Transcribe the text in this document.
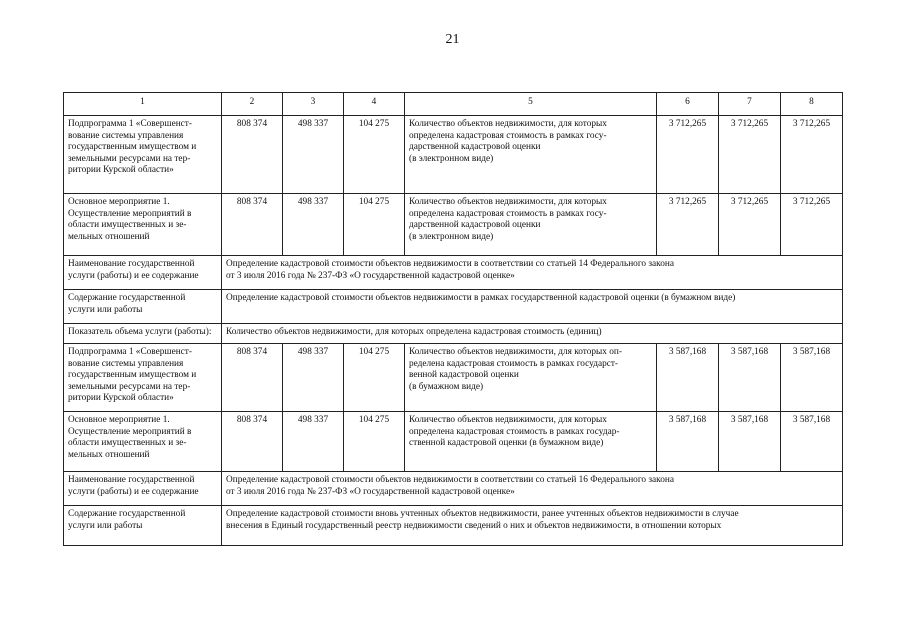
21
1	2	3	4	5	6	7	8

Подпрограмма 1 «Совершенст-
вование системы управления
государственным имуществом и
земельными ресурсами на тер-
ритории Курской области»	808 374	498 337	104 275	Количество объектов недвижимости, для которых
определена кадастровая стоимость в рамках госу-
дарственной кадастровой оценки
(в электронном виде)	3 712,265	3 712,265	3 712,265

Основное мероприятие 1.
Осуществление мероприятий в
области имущественных и зе-
мельных отношений	808 374	498 337	104 275	Количество объектов недвижимости, для которых
определена кадастровая стоимость в рамках госу-
дарственной кадастровой оценки
(в электронном виде)	3 712,265	3 712,265	3 712,265

Наименование государственной
услуги (работы) и ее содержание	Определение кадастровой стоимости объектов недвижимости в соответствии со статьей 14 Федерального закона
от 3 июля 2016 года № 237-ФЗ «О государственной кадастровой оценке»						

Содержание государственной
услуги или работы	Определение кадастровой стоимости объектов недвижимости в рамках государственной кадастровой оценки (в бумажном виде)						

Показатель объема услуги (работы):	Количество объектов недвижимости, для которых определена кадастровая стоимость (единиц)						

Подпрограмма 1 «Совершенст-
вование системы управления
государственным имуществом и
земельными ресурсами на тер-
ритории Курской области»	808 374	498 337	104 275	Количество объектов недвижимости, для которых оп-
ределена кадастровая стоимость в рамках государст-
венной кадастровой оценки
(в бумажном виде)	3 587,168	3 587,168	3 587,168

Основное мероприятие 1.
Осуществление мероприятий в
области имущественных и зе-
мельных отношений	808 374	498 337	104 275	Количество объектов недвижимости, для которых
определена кадастровая стоимость в рамках государ-
ственной кадастровой оценки (в бумажном виде)	3 587,168	3 587,168	3 587,168

Наименование государственной
услуги (работы) и ее содержание	Определение кадастровой стоимости объектов недвижимости в соответствии со статьей 16 Федерального закона
от 3 июля 2016 года № 237-ФЗ «О государственной кадастровой оценке»						

Содержание государственной
услуги или работы	Определение кадастровой стоимости вновь учтенных объектов недвижимости, ранее учтенных объектов недвижимости в случае
внесения в Единый государственный реестр недвижимости сведений о них и объектов недвижимости, в отношении которых						
